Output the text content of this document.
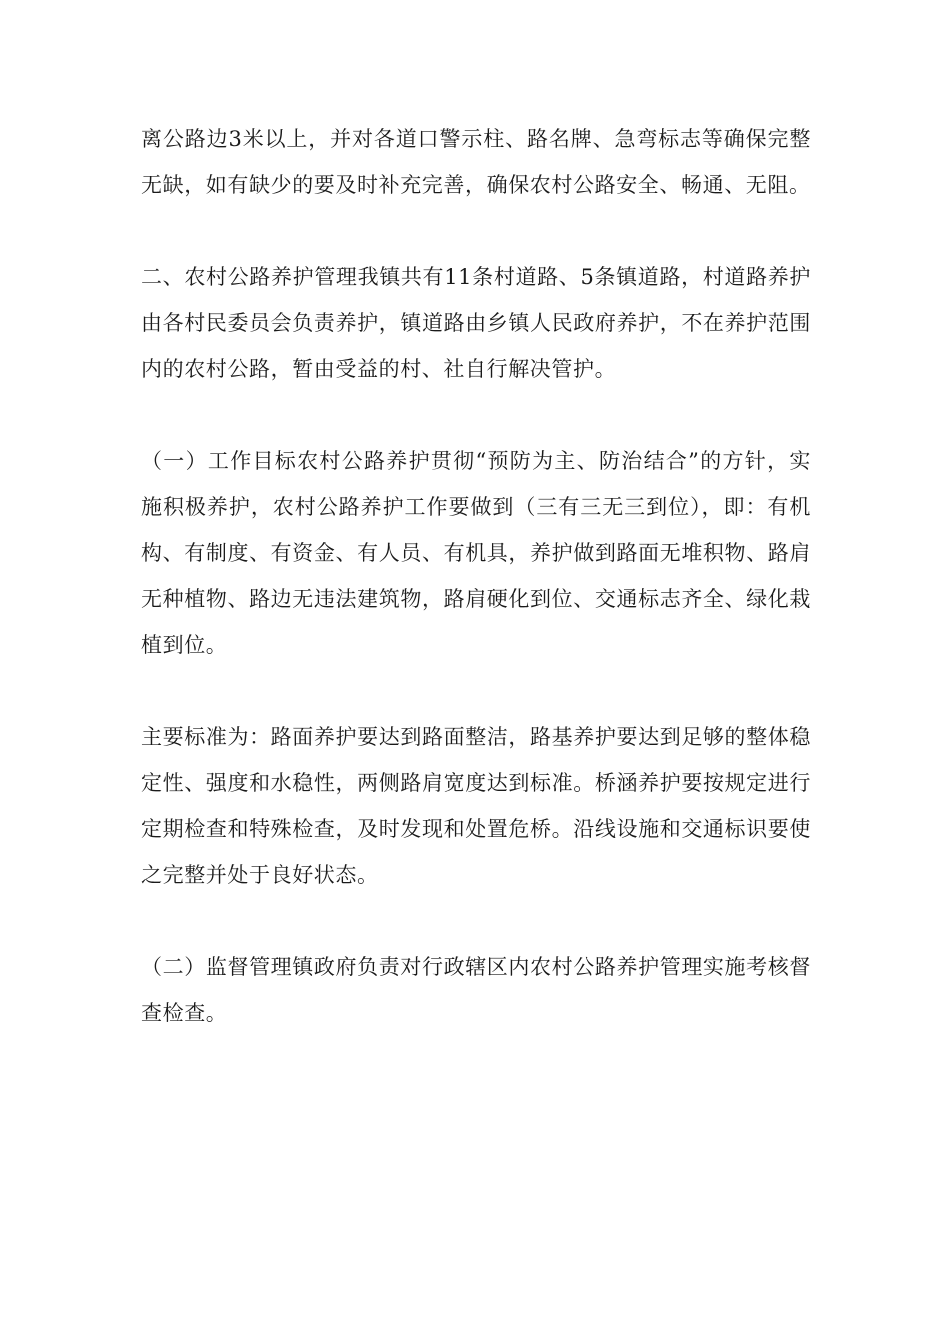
离公路边3米以上，并对各道口警示柱、路名牌、急弯标志等确保完整无缺，如有缺少的要及时补充完善，确保农村公路安全、畅通、无阻。

二、农村公路养护管理我镇共有11条村道路、5条镇道路，村道路养护由各村民委员会负责养护，镇道路由乡镇人民政府养护，不在养护范围内的农村公路，暂由受益的村、社自行解决管护。

（一）工作目标农村公路养护贯彻“预防为主、防治结合”的方针，实施积极养护，农村公路养护工作要做到（三有三无三到位），即：有机构、有制度、有资金、有人员、有机具，养护做到路面无堆积物、路肩无种植物、路边无违法建筑物，路肩硬化到位、交通标志齐全、绿化栽植到位。

主要标准为：路面养护要达到路面整洁，路基养护要达到足够的整体稳定性、强度和水稳性，两侧路肩宽度达到标准。桥涵养护要按规定进行定期检查和特殊检查，及时发现和处置危桥。沿线设施和交通标识要使之完整并处于良好状态。

（二）监督管理镇政府负责对行政辖区内农村公路养护管理实施考核督查检查。
